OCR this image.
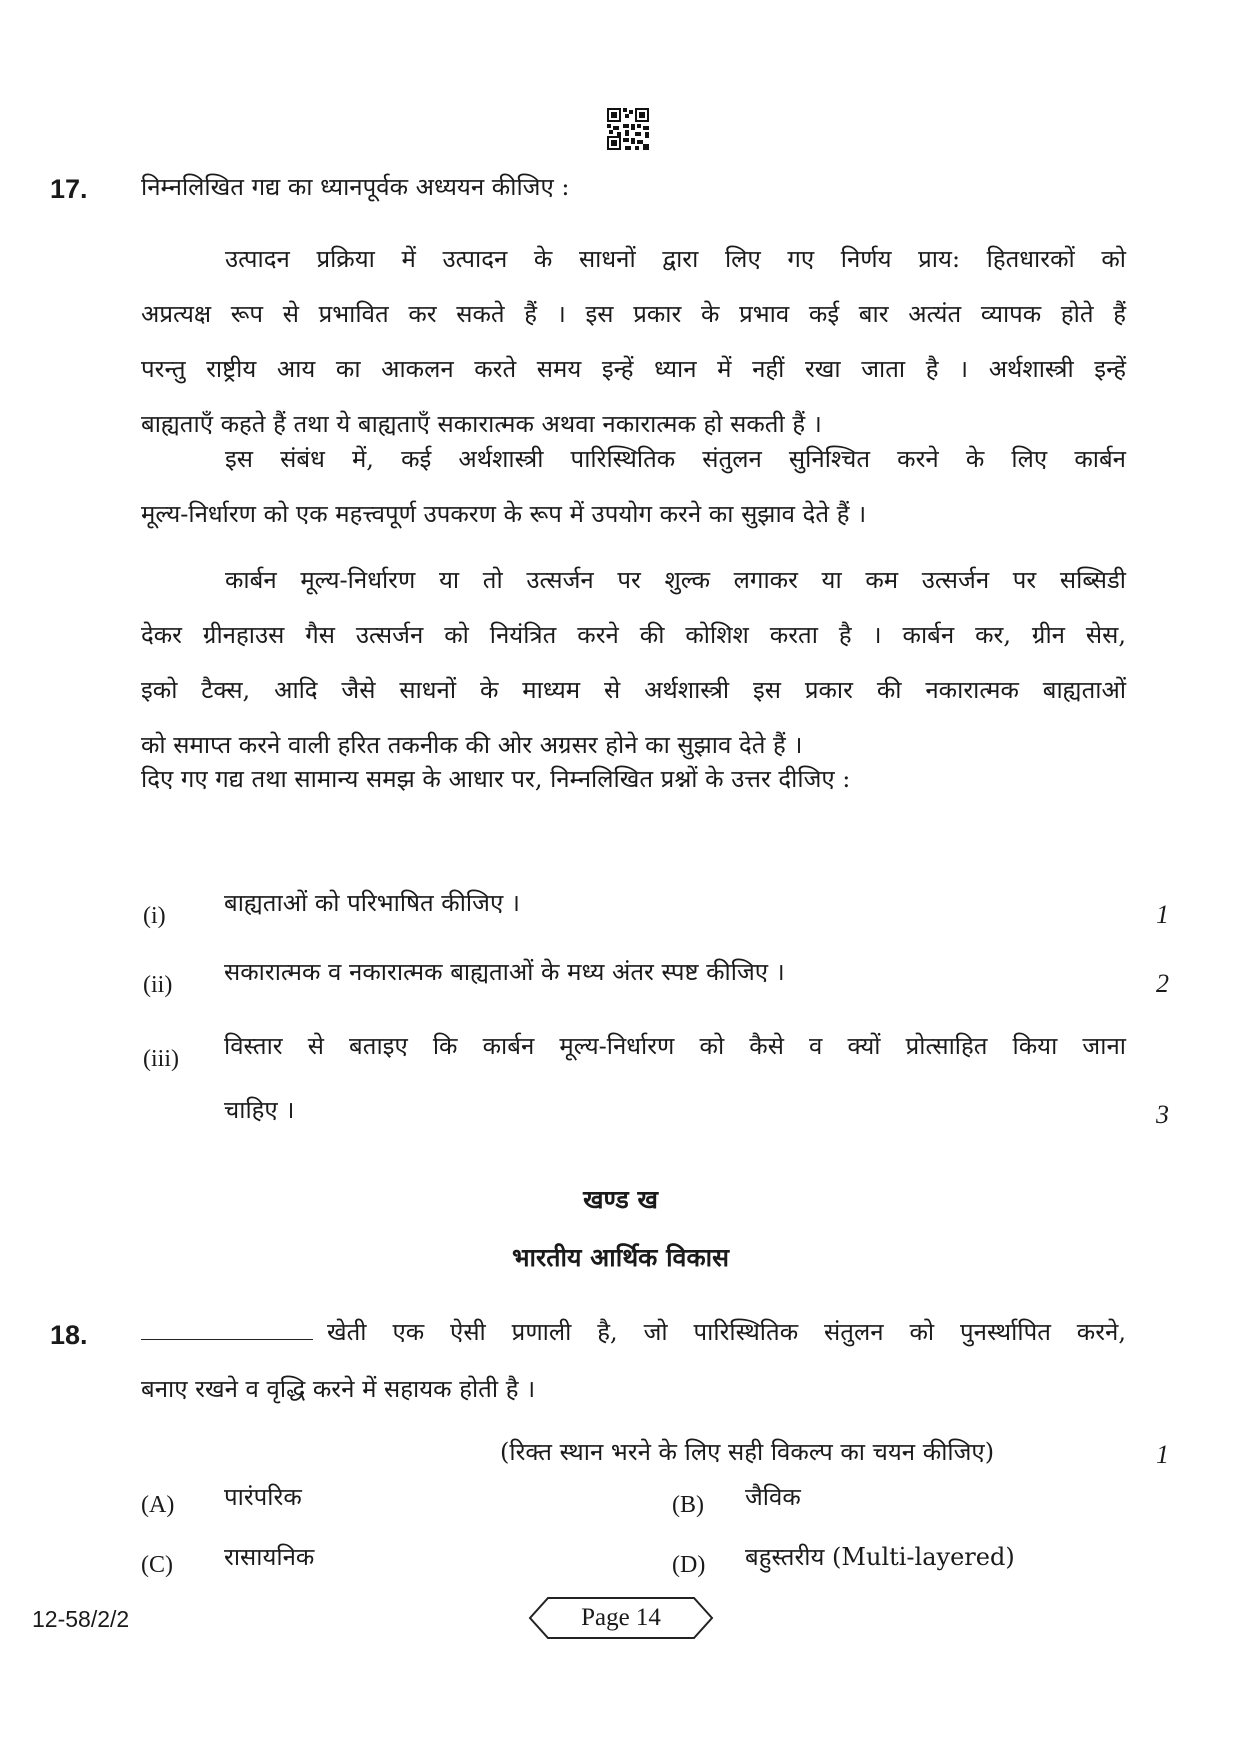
17. निम्नलिखित गद्य का ध्यानपूर्वक अध्ययन कीजिए :
उत्पादन प्रक्रिया में उत्पादन के साधनों द्वारा लिए गए निर्णय प्राय: हितधारकों को
अप्रत्यक्ष रूप से प्रभावित कर सकते हैं । इस प्रकार के प्रभाव कई बार अत्यंत व्यापक होते हैं
परन्तु राष्ट्रीय आय का आकलन करते समय इन्हें ध्यान में नहीं रखा जाता है । अर्थशास्त्री इन्हें
बाह्यताएँ कहते हैं तथा ये बाह्यताएँ सकारात्मक अथवा नकारात्मक हो सकती हैं ।
इस संबंध में, कई अर्थशास्त्री पारिस्थितिक संतुलन सुनिश्चित करने के लिए कार्बन
मूल्य-निर्धारण को एक महत्त्वपूर्ण उपकरण के रूप में उपयोग करने का सुझाव देते हैं ।
कार्बन मूल्य-निर्धारण या तो उत्सर्जन पर शुल्क लगाकर या कम उत्सर्जन पर सब्सिडी
देकर ग्रीनहाउस गैस उत्सर्जन को नियंत्रित करने की कोशिश करता है । कार्बन कर, ग्रीन सेस,
इको टैक्स, आदि जैसे साधनों के माध्यम से अर्थशास्त्री इस प्रकार की नकारात्मक बाह्यताओं
को समाप्त करने वाली हरित तकनीक की ओर अग्रसर होने का सुझाव देते हैं ।
दिए गए गद्य तथा सामान्य समझ के आधार पर, निम्नलिखित प्रश्नों के उत्तर दीजिए :
(i) बाह्यताओं को परिभाषित कीजिए ।	1
(ii) सकारात्मक व नकारात्मक बाह्यताओं के मध्य अंतर स्पष्ट कीजिए ।	2
(iii) विस्तार से बताइए कि कार्बन मूल्य-निर्धारण को कैसे व क्यों प्रोत्साहित किया जाना
चाहिए ।	3
खण्ड ख
भारतीय आर्थिक विकास
18.	खेती एक ऐसी प्रणाली है, जो पारिस्थितिक संतुलन को पुनर्स्थापित करने,
बनाए रखने व वृद्धि करने में सहायक होती है ।
(रिक्त स्थान भरने के लिए सही विकल्प का चयन कीजिए)	1
(A) पारंपरिक	(B) जैविक
(C) रासायनिक	(D) बहुस्तरीय (Multi-layered)
12-58/2/2	Page 14
